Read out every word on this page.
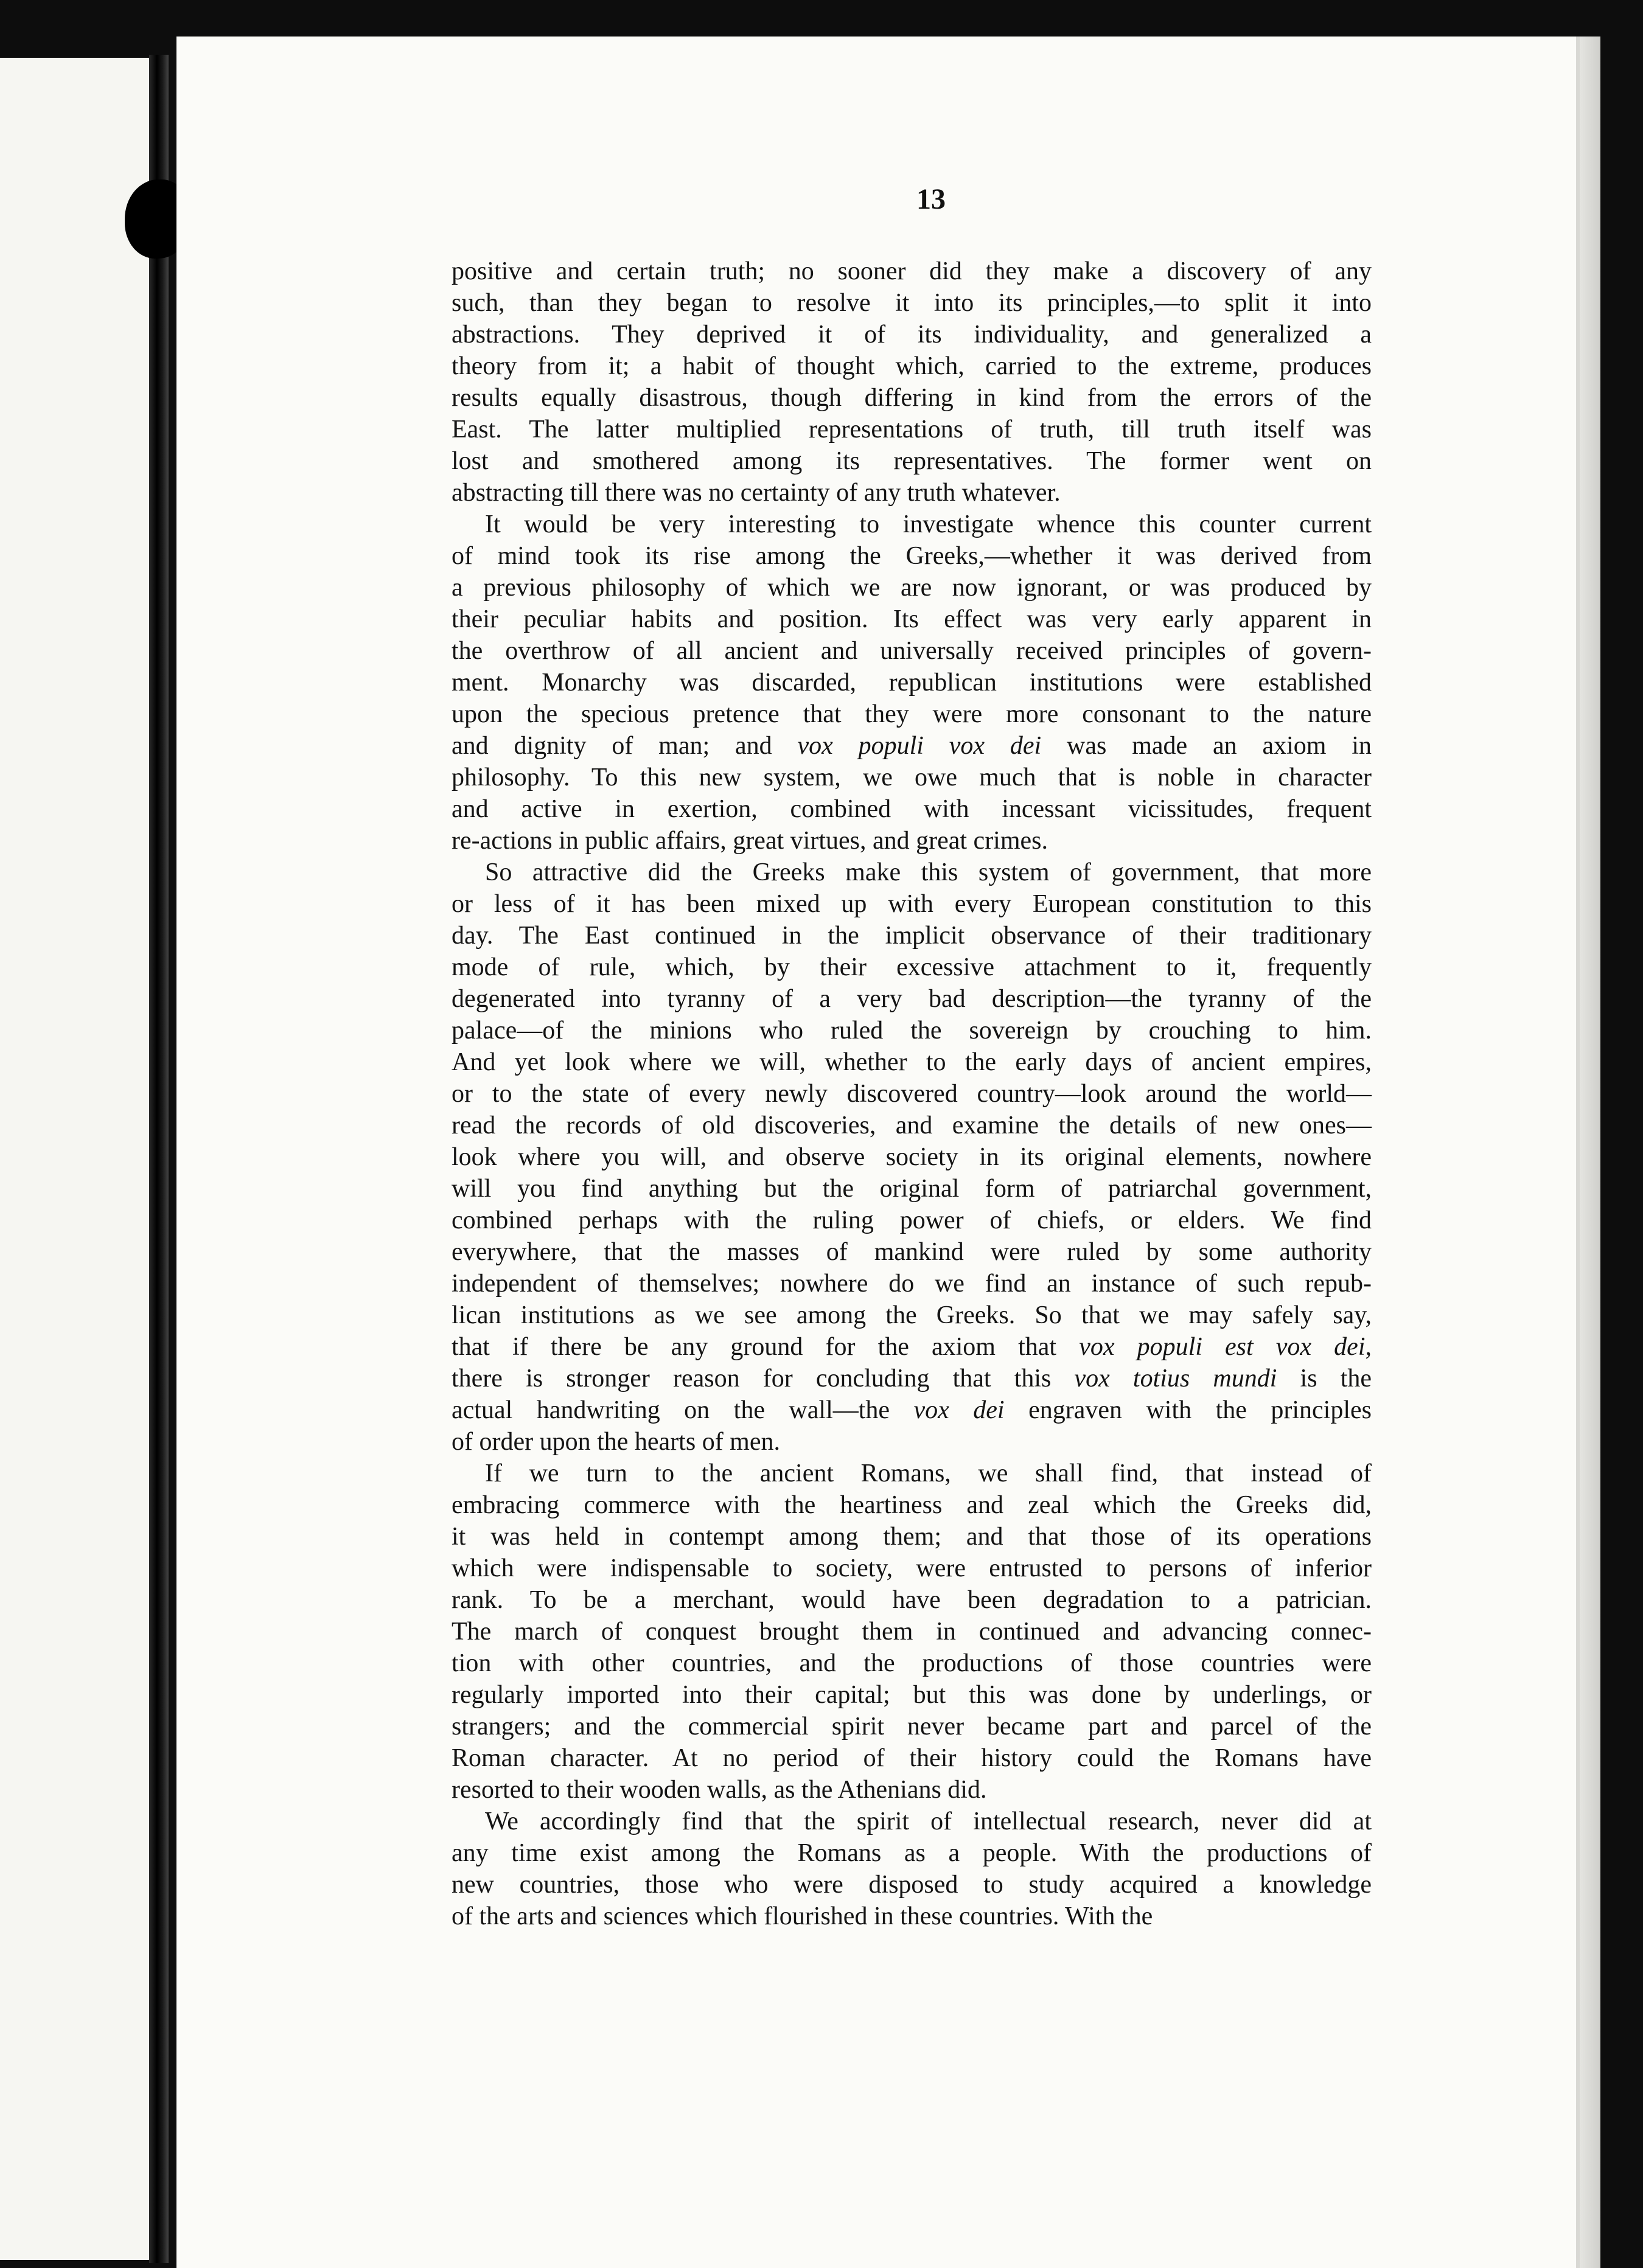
13
positive and certain truth; no sooner did they make a discovery of any
such, than they began to resolve it into its principles,—to split it into
abstractions. They deprived it of its individuality, and generalized a
theory from it; a habit of thought which, carried to the extreme, produces
results equally disastrous, though differing in kind from the errors of the
East. The latter multiplied representations of truth, till truth itself was
lost and smothered among its representatives. The former went on
abstracting till there was no certainty of any truth whatever.
It would be very interesting to investigate whence this counter current
of mind took its rise among the Greeks,—whether it was derived from
a previous philosophy of which we are now ignorant, or was produced by
their peculiar habits and position. Its effect was very early apparent in
the overthrow of all ancient and universally received principles of govern-
ment. Monarchy was discarded, republican institutions were established
upon the specious pretence that they were more consonant to the nature
and dignity of man; and vox populi vox dei was made an axiom in
philosophy. To this new system, we owe much that is noble in character
and active in exertion, combined with incessant vicissitudes, frequent
re-actions in public affairs, great virtues, and great crimes.
So attractive did the Greeks make this system of government, that more
or less of it has been mixed up with every European constitution to this
day. The East continued in the implicit observance of their traditionary
mode of rule, which, by their excessive attachment to it, frequently
degenerated into tyranny of a very bad description—the tyranny of the
palace—of the minions who ruled the sovereign by crouching to him.
And yet look where we will, whether to the early days of ancient empires,
or to the state of every newly discovered country—look around the world—
read the records of old discoveries, and examine the details of new ones—
look where you will, and observe society in its original elements, nowhere
will you find anything but the original form of patriarchal government,
combined perhaps with the ruling power of chiefs, or elders. We find
everywhere, that the masses of mankind were ruled by some authority
independent of themselves; nowhere do we find an instance of such repub-
lican institutions as we see among the Greeks. So that we may safely say,
that if there be any ground for the axiom that vox populi est vox dei,
there is stronger reason for concluding that this vox totius mundi is the
actual handwriting on the wall—the vox dei engraven with the principles
of order upon the hearts of men.
If we turn to the ancient Romans, we shall find, that instead of
embracing commerce with the heartiness and zeal which the Greeks did,
it was held in contempt among them; and that those of its operations
which were indispensable to society, were entrusted to persons of inferior
rank. To be a merchant, would have been degradation to a patrician.
The march of conquest brought them in continued and advancing connec-
tion with other countries, and the productions of those countries were
regularly imported into their capital; but this was done by underlings, or
strangers; and the commercial spirit never became part and parcel of the
Roman character. At no period of their history could the Romans have
resorted to their wooden walls, as the Athenians did.
We accordingly find that the spirit of intellectual research, never did at
any time exist among the Romans as a people. With the productions of
new countries, those who were disposed to study acquired a knowledge
of the arts and sciences which flourished in these countries. With the
